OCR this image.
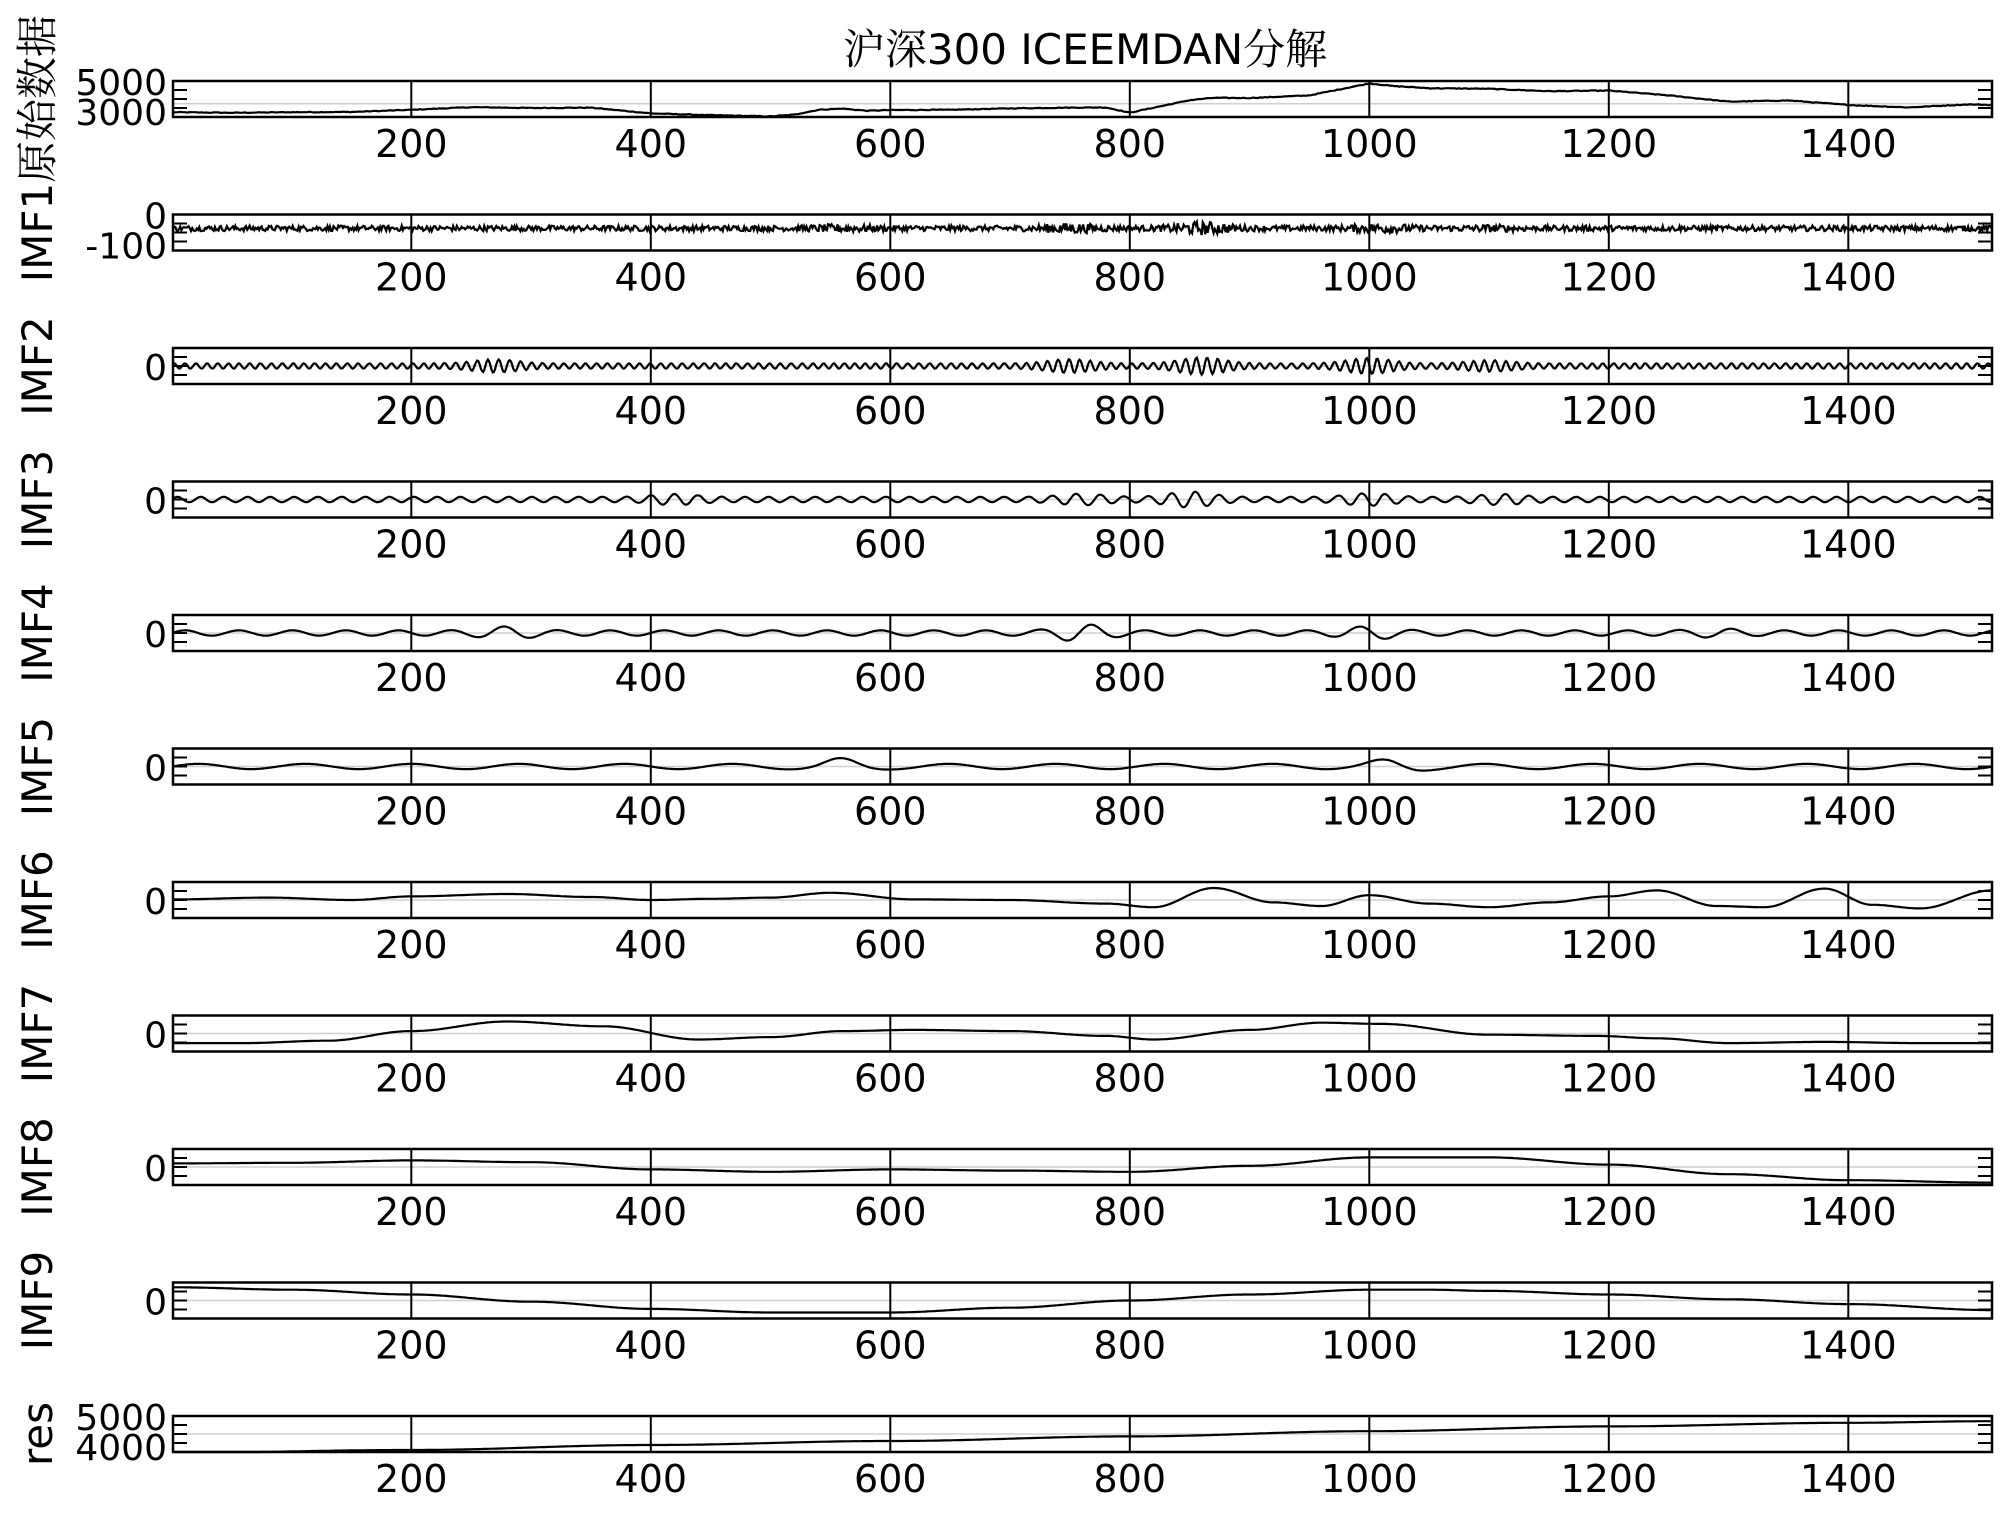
沪深300 ICEEMDAN分解
200	400	600	800	1000	1200	1400
5000
3000
原始数据
200	400	600	800	1000	1200	1400
0
-100
IMF1
200	400	600	800	1000	1200	1400
0
IMF2
200	400	600	800	1000	1200	1400
0
IMF3
200	400	600	800	1000	1200	1400
0
IMF4
200	400	600	800	1000	1200	1400
0
IMF5
200	400	600	800	1000	1200	1400
0
IMF6
200	400	600	800	1000	1200	1400
0
IMF7
200	400	600	800	1000	1200	1400
0
IMF8
200	400	600	800	1000	1200	1400
0
IMF9
200	400	600	800	1000	1200	1400
5000
4000
res
